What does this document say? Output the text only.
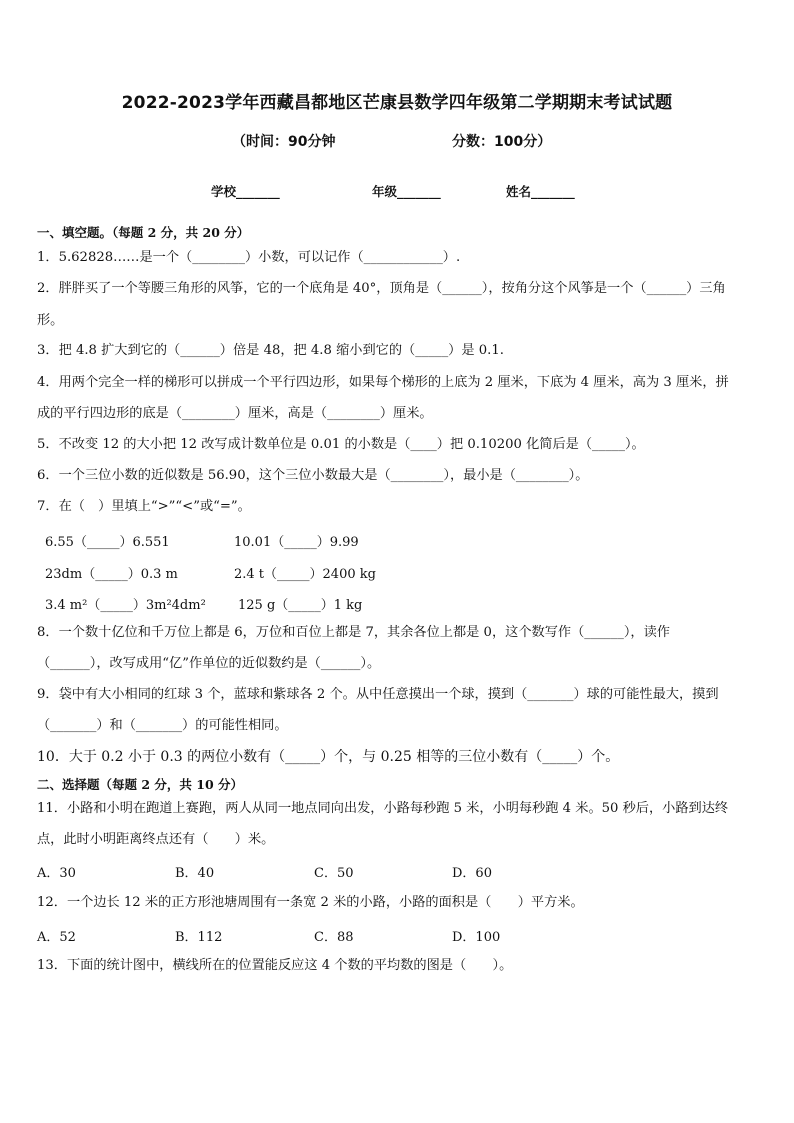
2022-2023学年西藏昌都地区芒康县数学四年级第二学期期末考试试题
（时间：90分钟	分数：100分）
学校_______	年级_______	姓名_______
一、填空题。（每题 2 分，共 20 分）
1．5.62828……是一个（________）小数，可以记作（____________）.
2．胖胖买了一个等腰三角形的风筝，它的一个底角是 40°，顶角是（______），按角分这个风筝是一个（______）三角
形。
3．把 4.8 扩大到它的（______）倍是 48，把 4.8 缩小到它的（_____）是 0.1.
4．用两个完全一样的梯形可以拼成一个平行四边形，如果每个梯形的上底为 2 厘米，下底为 4 厘米，高为 3 厘米，拼
成的平行四边形的底是（________）厘米，高是（________）厘米。
5．不改变 12 的大小把 12 改写成计数单位是 0.01 的小数是（____）把 0.10200 化简后是（_____）。
6．一个三位小数的近似数是 56.90，这个三位小数最大是（________），最小是（________）。
7．在（　）里填上“>”“<”或“=”。
6.55（_____）6.551	10.01（_____）9.99
23dm（_____）0.3 m	2.4 t（_____）2400 kg
3.4 m²（_____）3m²4dm² 125 g（_____）1 kg
8．一个数十亿位和千万位上都是 6，万位和百位上都是 7，其余各位上都是 0，这个数写作（______），读作
（______），改写成用“亿”作单位的近似数约是（______）。
9．袋中有大小相同的红球 3 个，蓝球和紫球各 2 个。从中任意摸出一个球，摸到（_______）球的可能性最大，摸到
（_______）和（_______）的可能性相同。
10．大于 0.2 小于 0.3 的两位小数有（_____）个，与 0.25 相等的三位小数有（_____）个。
二、选择题（每题 2 分，共 10 分）
11．小路和小明在跑道上赛跑，两人从同一地点同向出发，小路每秒跑 5 米，小明每秒跑 4 米。50 秒后，小路到达终
点，此时小明距离终点还有（　　）米。
A．30	B．40	C．50	D．60
12．一个边长 12 米的正方形池塘周围有一条宽 2 米的小路，小路的面积是（　　）平方米。
A．52	B．112	C．88	D．100
13．下面的统计图中，横线所在的位置能反应这 4 个数的平均数的图是（　　）。
